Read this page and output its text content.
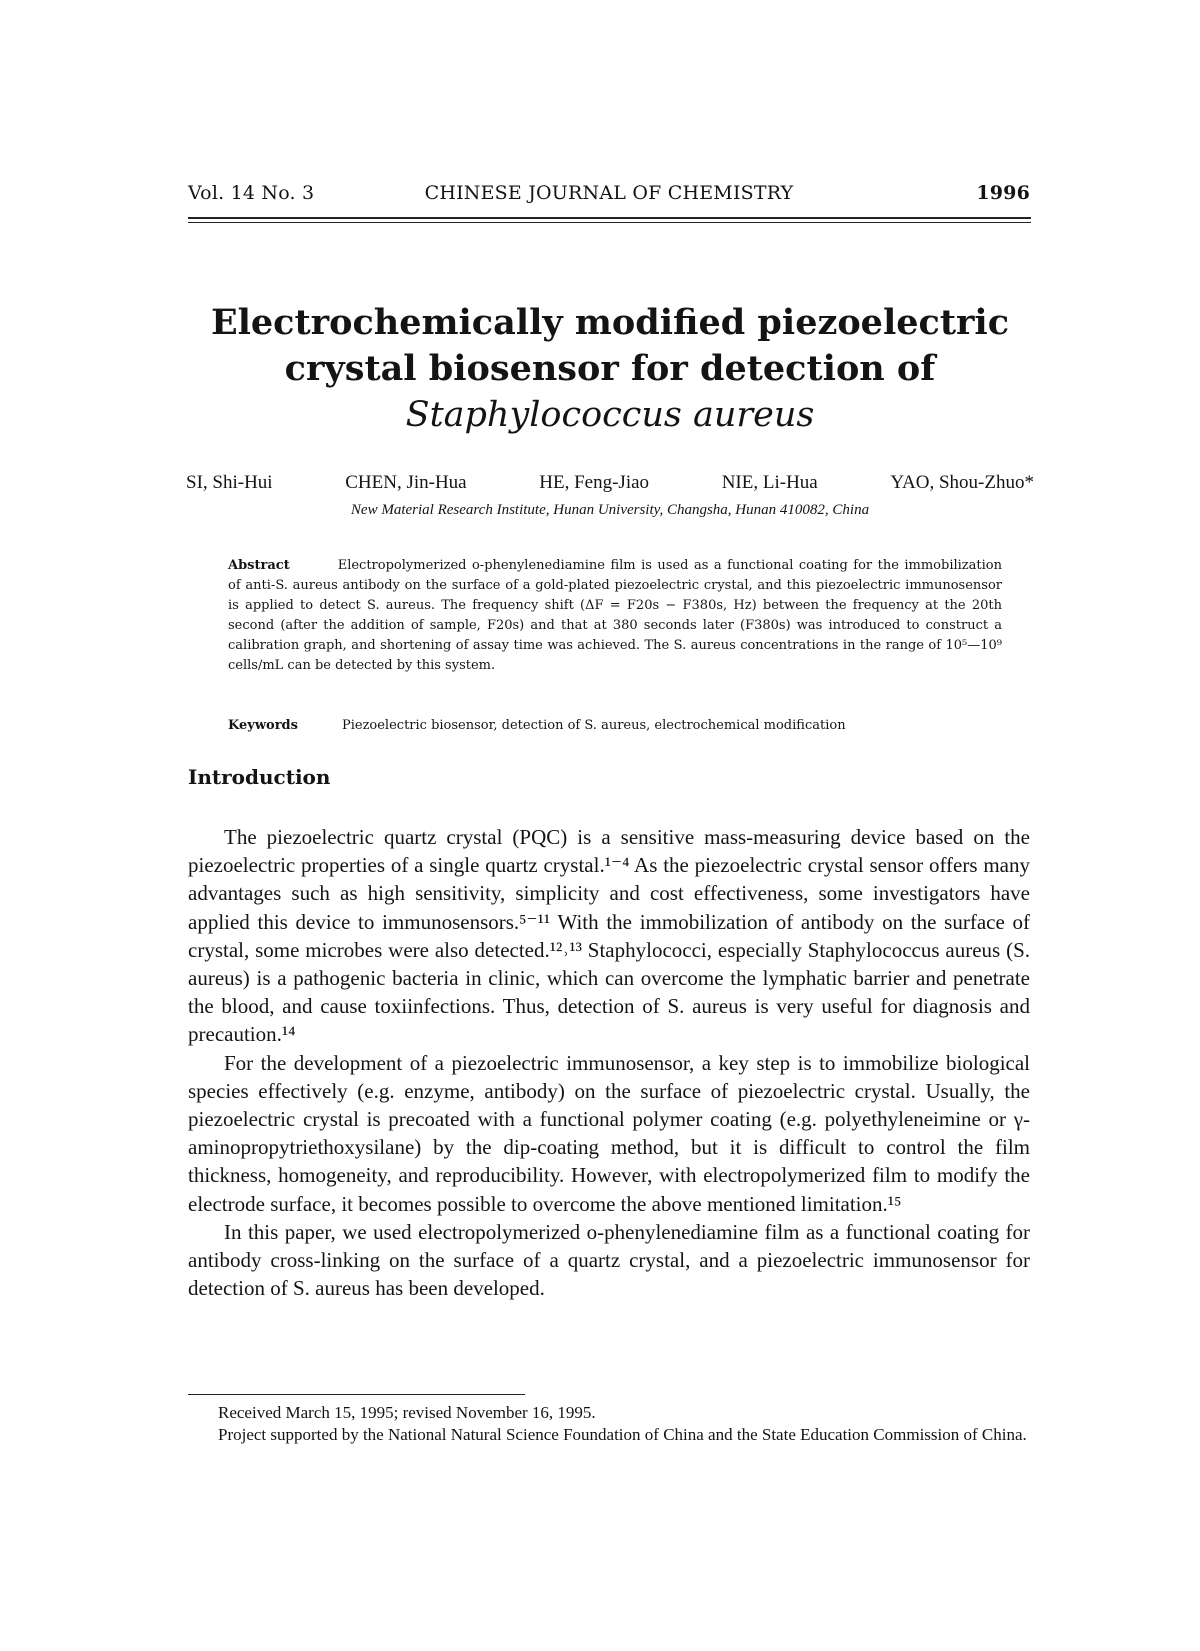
Vol. 14 No. 3	CHINESE JOURNAL OF CHEMISTRY	1996
Electrochemically modified piezoelectric
crystal biosensor for detection of
Staphylococcus aureus
SI, Shi-Hui	CHEN, Jin-Hua	HE, Feng-Jiao	NIE, Li-Hua	YAO, Shou-Zhuo*
New Material Research Institute, Hunan University, Changsha, Hunan 410082, China
Abstract	Electropolymerized o-phenylenediamine film is used as a functional coating for the immobilization of anti-S. aureus antibody on the surface of a gold-plated piezoelectric crystal, and this piezoelectric immunosensor is applied to detect S. aureus. The frequency shift (ΔF = F20s − F380s, Hz) between the frequency at the 20th second (after the addition of sample, F20s) and that at 380 seconds later (F380s) was introduced to construct a calibration graph, and shortening of assay time was achieved. The S. aureus concentrations in the range of 10⁵—10⁹ cells/mL can be detected by this system.
Keywords	Piezoelectric biosensor, detection of S. aureus, electrochemical modification
Introduction

The piezoelectric quartz crystal (PQC) is a sensitive mass-measuring device based on the piezoelectric properties of a single quartz crystal.¹⁻⁴ As the piezoelectric crystal sensor offers many advantages such as high sensitivity, simplicity and cost effectiveness, some investigators have applied this device to immunosensors.⁵⁻¹¹ With the immobilization of antibody on the surface of crystal, some microbes were also detected.¹²˒¹³ Staphylococci, especially Staphylococcus aureus (S. aureus) is a pathogenic bacteria in clinic, which can overcome the lymphatic barrier and penetrate the blood, and cause toxiinfections. Thus, detection of S. aureus is very useful for diagnosis and precaution.¹⁴

For the development of a piezoelectric immunosensor, a key step is to immobilize biological species effectively (e.g. enzyme, antibody) on the surface of piezoelectric crystal. Usually, the piezoelectric crystal is precoated with a functional polymer coating (e.g. polyethyleneimine or γ-aminopropytriethoxysilane) by the dip-coating method, but it is difficult to control the film thickness, homogeneity, and reproducibility. However, with electropolymerized film to modify the electrode surface, it becomes possible to overcome the above mentioned limitation.¹⁵

In this paper, we used electropolymerized o-phenylenediamine film as a functional coating for antibody cross-linking on the surface of a quartz crystal, and a piezoelectric immunosensor for detection of S. aureus has been developed.

Received March 15, 1995; revised November 16, 1995.

Project supported by the National Natural Science Foundation of China and the State Education Commission of China.
